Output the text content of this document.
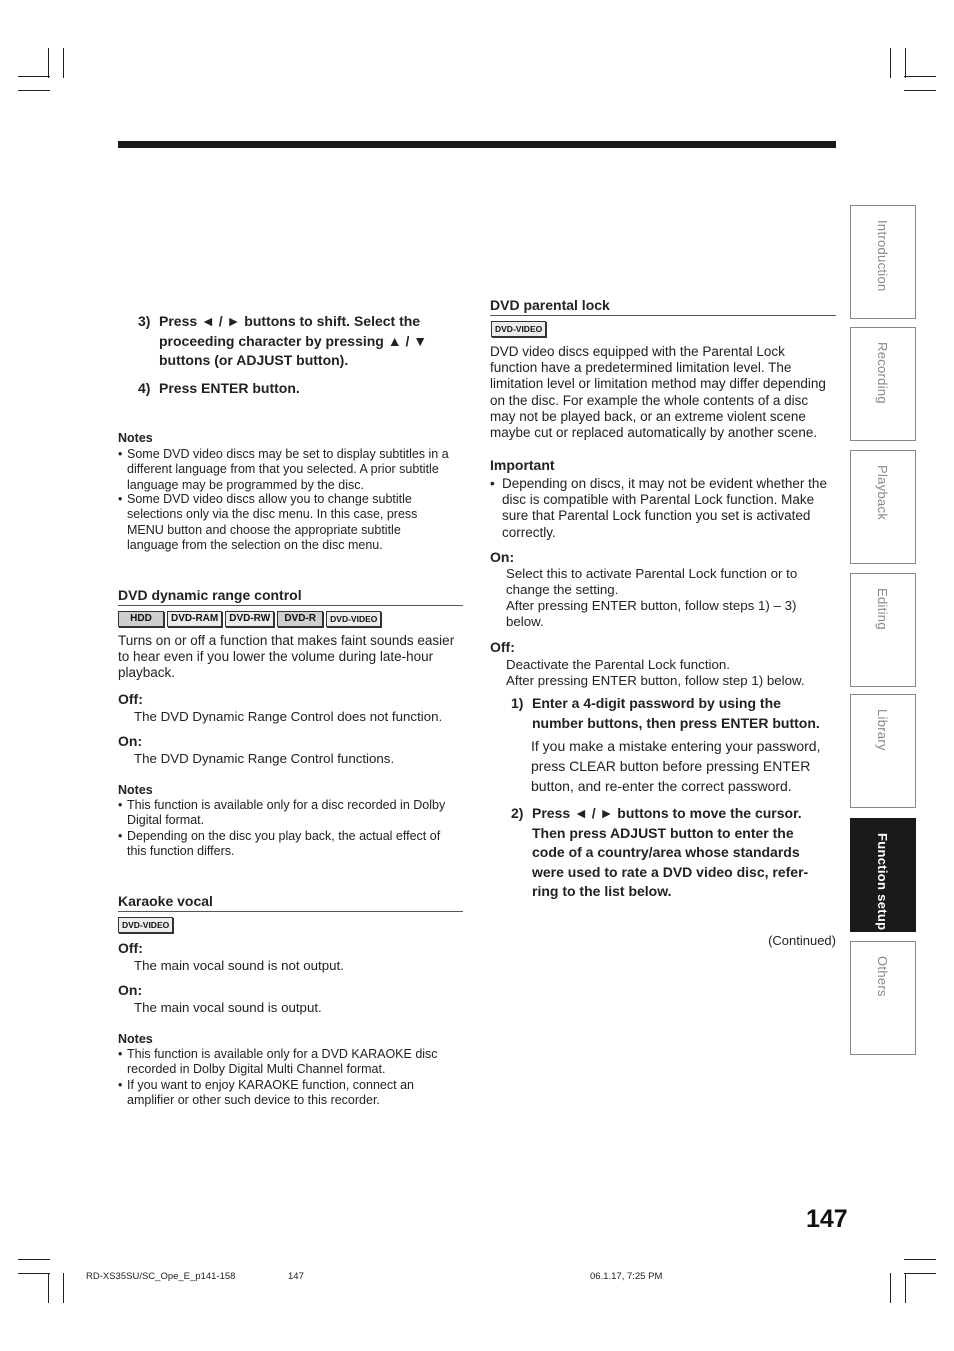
3) Press ◄ / ► buttons to shift. Select the
proceeding character by pressing ▲ / ▼
buttons (or ADJUST button).
4) Press ENTER button.
Notes
• Some DVD video discs may be set to display subtitles in a
different language from that you selected. A prior subtitle
language may be programmed by the disc.
• Some DVD video discs allow you to change subtitle
selections only via the disc menu. In this case, press
MENU button and choose the appropriate subtitle
language from the selection on the disc menu.
DVD dynamic range control
HDD	DVD-RAM	DVD-RW	DVD-R	DVD-VIDEO
Turns on or off a function that makes faint sounds easier
to hear even if you lower the volume during late-hour
playback.
Off:
The DVD Dynamic Range Control does not function.
On:
The DVD Dynamic Range Control functions.
Notes
• This function is available only for a disc recorded in Dolby
Digital format.
• Depending on the disc you play back, the actual effect of
this function differs.
Karaoke vocal
DVD-VIDEO
Off:
The main vocal sound is not output.
On:
The main vocal sound is output.
Notes
• This function is available only for a DVD KARAOKE disc
recorded in Dolby Digital Multi Channel format.
• If you want to enjoy KARAOKE function, connect an
amplifier or other such device to this recorder.
DVD parental lock
DVD-VIDEO
DVD video discs equipped with the Parental Lock
function have a predetermined limitation level. The
limitation level or limitation method may differ depending
on the disc. For example the whole contents of a disc
may not be played back, or an extreme violent scene
maybe cut or replaced automatically by another scene.
Important
• Depending on discs, it may not be evident whether the
disc is compatible with Parental Lock function. Make
sure that Parental Lock function you set is activated
correctly.
On:
Select this to activate Parental Lock function or to
change the setting.
After pressing ENTER button, follow steps 1) – 3)
below.
Off:
Deactivate the Parental Lock function.
After pressing ENTER button, follow step 1) below.
1) Enter a 4-digit password by using the
number buttons, then press ENTER button.
If you make a mistake entering your password,
press CLEAR button before pressing ENTER
button, and re-enter the correct password.
2) Press ◄ / ► buttons to move the cursor.
Then press ADJUST button to enter the
code of a country/area whose standards
were used to rate a DVD video disc, refer-
ring to the list below.
(Continued)
Introduction
Recording
Playback
Editing
Library
Function setup
Others
147
RD-XS35SU/SC_Ope_E_p141-158	147	06.1.17, 7:25 PM
